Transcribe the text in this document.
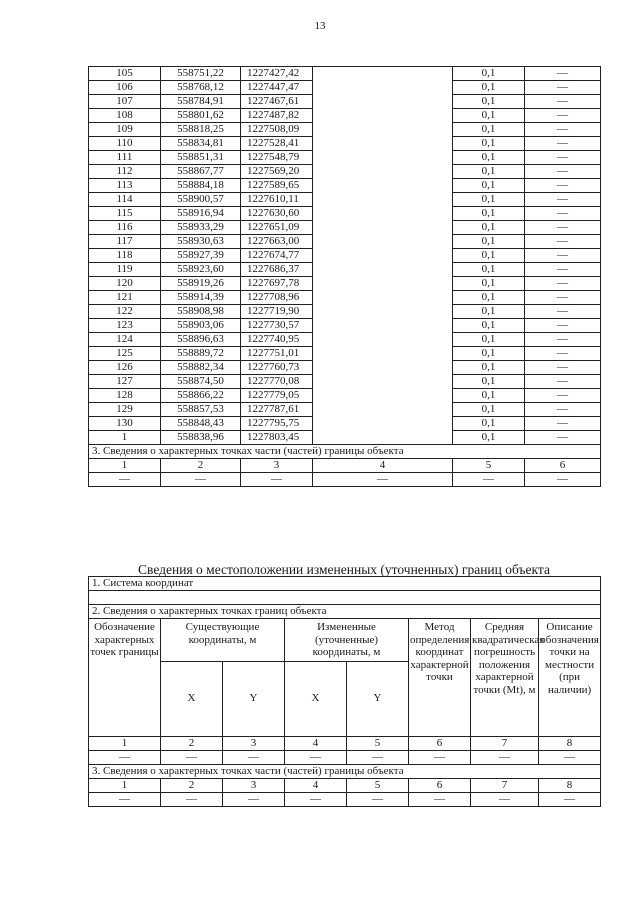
13
105	558751,22	1227427,42		0,1	—
106	558768,12	1227447,47		0,1	—
107	558784,91	1227467,61		0,1	—
108	558801,62	1227487,82		0,1	—
109	558818,25	1227508,09		0,1	—
110	558834,81	1227528,41		0,1	—
111	558851,31	1227548,79		0,1	—
112	558867,77	1227569,20		0,1	—
113	558884,18	1227589,65		0,1	—
114	558900,57	1227610,11		0,1	—
115	558916,94	1227630,60		0,1	—
116	558933,29	1227651,09		0,1	—
117	558930,63	1227663,00		0,1	—
118	558927,39	1227674,77		0,1	—
119	558923,60	1227686,37		0,1	—
120	558919,26	1227697,78		0,1	—
121	558914,39	1227708,96		0,1	—
122	558908,98	1227719,90		0,1	—
123	558903,06	1227730,57		0,1	—
124	558896,63	1227740,95		0,1	—
125	558889,72	1227751,01		0,1	—
126	558882,34	1227760,73		0,1	—
127	558874,50	1227770,08		0,1	—
128	558866,22	1227779,05		0,1	—
129	558857,53	1227787,61		0,1	—
130	558848,43	1227795,75		0,1	—
1	558838,96	1227803,45		0,1	—
3. Сведения о характерных точках части (частей) границы объекта					
1	2	3	4	5	6
—	—	—	—	—	—
Сведения о местоположении измененных (уточненных) границ объекта
1. Система координат							

2. Сведения о характерных точках границ объекта							
Обозначение характерных точек границы	Существующие координаты, м		Измененные (уточненные) координаты, м		Метод определения координат характерной точки	Средняя квадратическая погрешность положения характерной точки (Mt), м	Описание обозначения точки на местности (при наличии)
	X	Y	X	Y			
1	2	3	4	5	6	7	8
—	—	—	—	—	—	—	—
3. Сведения о характерных точках части (частей) границы объекта							
1	2	3	4	5	6	7	8
—	—	—	—	—	—	—	—
